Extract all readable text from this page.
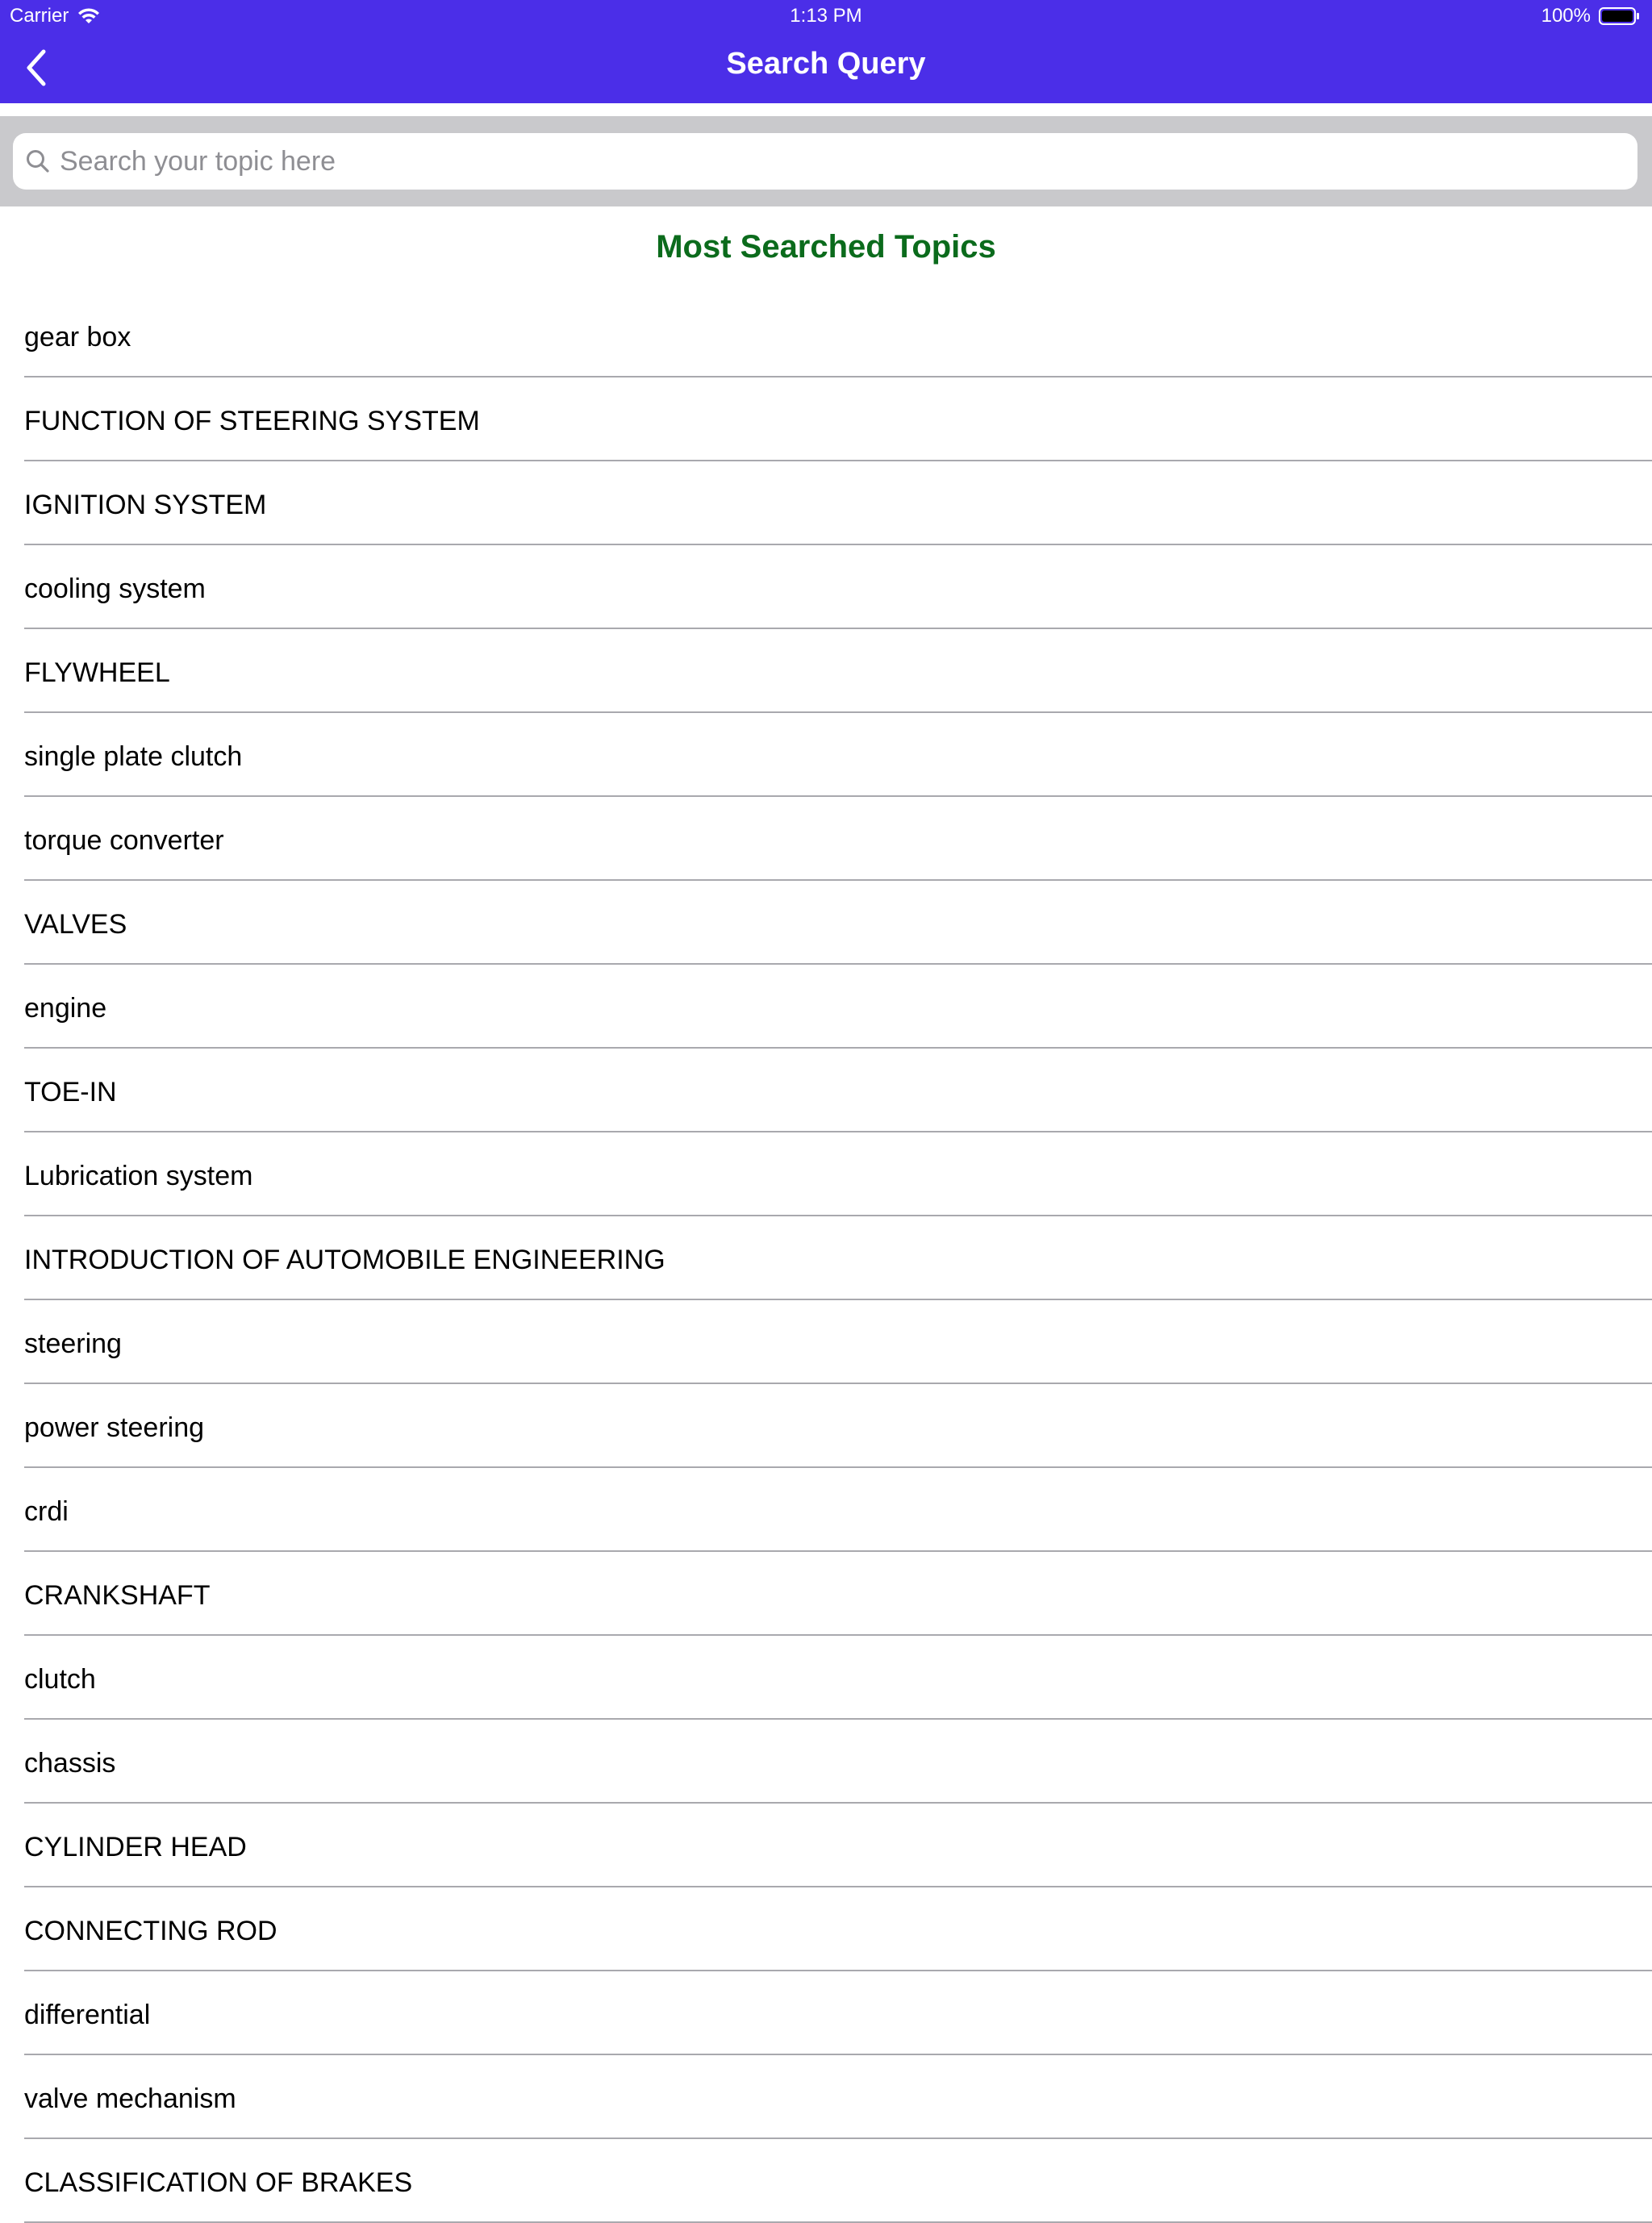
Carrier	1:13 PM	100%
Search Query
Search your topic here
Most Searched Topics
gear box
FUNCTION OF STEERING SYSTEM
IGNITION SYSTEM
cooling system
FLYWHEEL
single plate clutch
torque converter
VALVES
engine
TOE-IN
Lubrication system
INTRODUCTION OF AUTOMOBILE ENGINEERING
steering
power steering
crdi
CRANKSHAFT
clutch
chassis
CYLINDER HEAD
CONNECTING ROD
differential
valve mechanism
CLASSIFICATION OF BRAKES
